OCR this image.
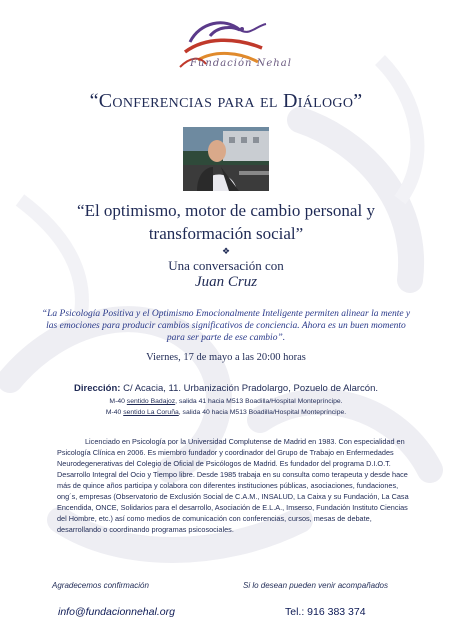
Fundación Nehal
“Conferencias para el Diálogo”
“El optimismo, motor de cambio personal y transformación social”
❖
Una conversación con
Juan Cruz
“La Psicología Positiva y el Optimismo Emocionalmente Inteligente permiten alinear la mente y las emociones para producir cambios significativos de conciencia. Ahora es un buen momento para ser parte de ese cambio”.
Viernes, 17 de mayo a las 20:00 horas
Dirección: C/ Acacia, 11. Urbanización Pradolargo, Pozuelo de Alarcón.
M-40 sentido Badajoz, salida 41 hacia M513 Boadilla/Hospital Montepríncipe.
M-40 sentido La Coruña, salida 40 hacia M513 Boadilla/Hospital Montepríncipe.
Licenciado en Psicología por la Universidad Complutense de Madrid en 1983. Con especialidad en Psicología Clínica en 2006. Es miembro fundador y coordinador del Grupo de Trabajo en Enfermedades Neurodegenerativas del Colegio de Oficial de Psicólogos de Madrid. Es fundador del programa D.I.O.T. Desarrollo Integral del Ocio y Tiempo libre. Desde 1985 trabaja en su consulta como terapeuta y desde hace más de quince años participa y colabora con diferentes instituciones públicas, asociaciones, fundaciones, ong´s, empresas (Observatorio de Exclusión Social de C.A.M., INSALUD, La Caixa y su Fundación, La Casa Encendida, ONCE, Solidarios para el desarrollo, Asociación de E.L.A., Imserso, Fundación Instituto Ciencias del Hombre, etc.) así como medios de comunicación con conferencias, cursos, mesas de debate, desarrollando o coordinando programas psicosociales.
Agradecemos confirmación	Si lo desean pueden venir acompañados
info@fundacionnehal.org	Tel.: 916 383 374
